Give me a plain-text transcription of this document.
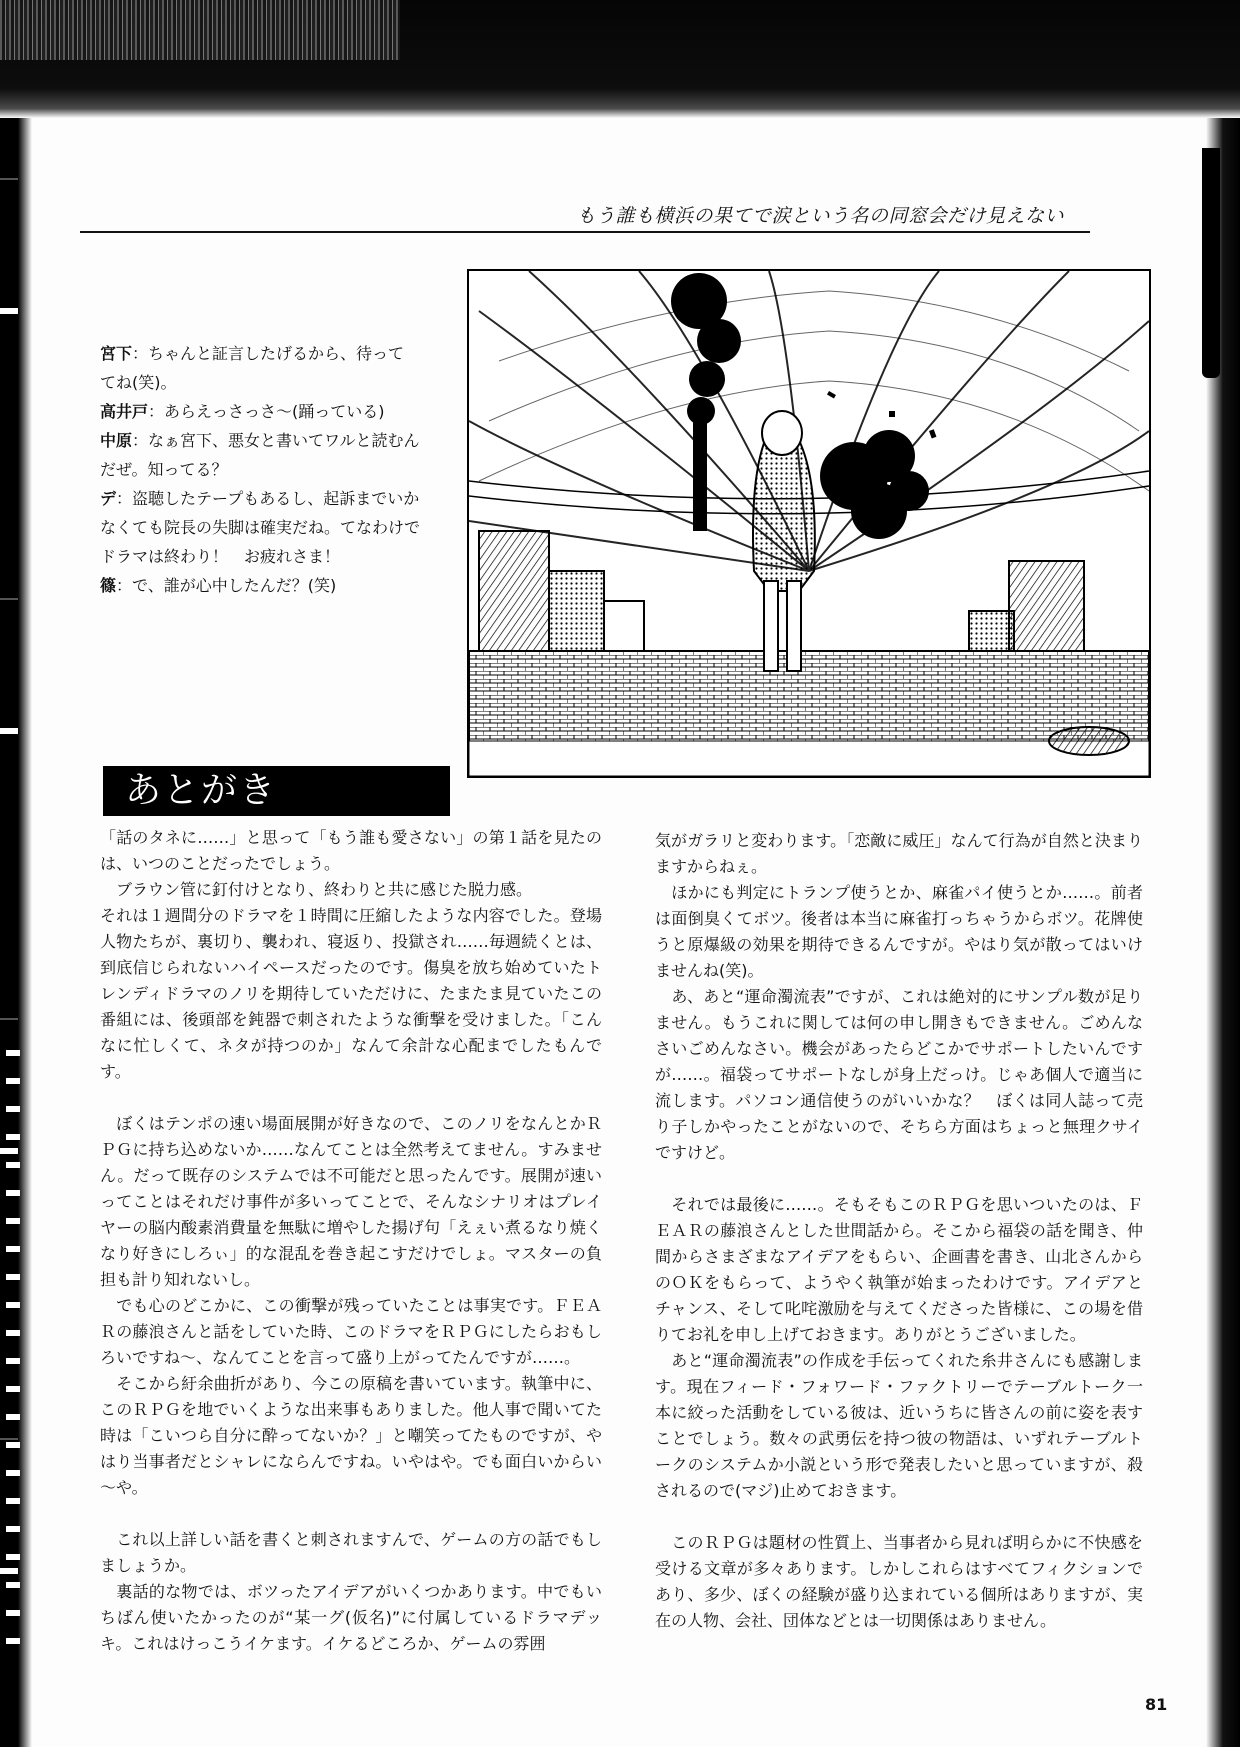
もう誰も横浜の果てで涙という名の同窓会だけ見えない

宮下：ちゃんと証言したげるから、待っててね(笑)。

高井戸：あらえっさっさ～(踊っている)

中原：なぁ宮下、悪女と書いてワルと読むんだぜ。知ってる？

デ：盗聴したテープもあるし、起訴までいかなくても院長の失脚は確実だね。てなわけでドラマは終わり！　お疲れさま！

篠：で、誰が心中したんだ？(笑)

あとがき

「話のタネに……」と思って「もう誰も愛さない」の第１話を見たのは、いつのことだったでしょう。

　ブラウン管に釘付けとなり、終わりと共に感じた脱力感。

それは１週間分のドラマを１時間に圧縮したような内容でした。登場人物たちが、裏切り、襲われ、寝返り、投獄され……毎週続くとは、到底信じられないハイペースだったのです。傷臭を放ち始めていたトレンディドラマのノリを期待していただけに、たまたま見ていたこの番組には、後頭部を鈍器で刺されたような衝撃を受けました。「こんなに忙しくて、ネタが持つのか」なんて余計な心配までしたもんです。

　ぼくはテンポの速い場面展開が好きなので、このノリをなんとかＲＰＧに持ち込めないか……なんてことは全然考えてません。すみません。だって既存のシステムでは不可能だと思ったんです。展開が速いってことはそれだけ事件が多いってことで、そんなシナリオはプレイヤーの脳内酸素消費量を無駄に増やした揚げ句「えぇい煮るなり焼くなり好きにしろぃ」的な混乱を巻き起こすだけでしょ。マスターの負担も計り知れないし。

　でも心のどこかに、この衝撃が残っていたことは事実です。ＦＥＡＲの藤浪さんと話をしていた時、このドラマをＲＰＧにしたらおもしろいですね～、なんてことを言って盛り上がってたんですが……。

　そこから紆余曲折があり、今この原稿を書いています。執筆中に、このＲＰＧを地でいくような出来事もありました。他人事で聞いてた時は「こいつら自分に酔ってないか？」と嘲笑ってたものですが、やはり当事者だとシャレにならんですね。いやはや。でも面白いからい～や。

　これ以上詳しい話を書くと刺されますんで、ゲームの方の話でもしましょうか。

　裏話的な物では、ボツったアイデアがいくつかあります。中でもいちばん使いたかったのが“某一グ(仮名)”に付属しているドラマデッキ。これはけっこうイケます。イケるどころか、ゲームの雰囲

気がガラリと変わります。「恋敵に威圧」なんて行為が自然と決まりますからねぇ。

　ほかにも判定にトランプ使うとか、麻雀パイ使うとか……。前者は面倒臭くてボツ。後者は本当に麻雀打っちゃうからボツ。花牌使うと原爆級の効果を期待できるんですが。やはり気が散ってはいけませんね(笑)。

　あ、あと“運命濁流表”ですが、これは絶対的にサンプル数が足りません。もうこれに関しては何の申し開きもできません。ごめんなさいごめんなさい。機会があったらどこかでサポートしたいんですが……。福袋ってサポートなしが身上だっけ。じゃあ個人で適当に流します。パソコン通信使うのがいいかな？　ぼくは同人誌って売り子しかやったことがないので、そちら方面はちょっと無理クサイですけど。

　それでは最後に……。そもそもこのＲＰＧを思いついたのは、ＦＥＡＲの藤浪さんとした世間話から。そこから福袋の話を聞き、仲間からさまざまなアイデアをもらい、企画書を書き、山北さんからのＯＫをもらって、ようやく執筆が始まったわけです。アイデアとチャンス、そして叱咤激励を与えてくださった皆様に、この場を借りてお礼を申し上げておきます。ありがとうございました。

　あと“運命濁流表”の作成を手伝ってくれた糸井さんにも感謝します。現在フィード・フォワード・ファクトリーでテーブルトーク一本に絞った活動をしている彼は、近いうちに皆さんの前に姿を表すことでしょう。数々の武勇伝を持つ彼の物語は、いずれテーブルトークのシステムか小説という形で発表したいと思っていますが、殺されるので(マジ)止めておきます。

　このＲＰＧは題材の性質上、当事者から見れば明らかに不快感を受ける文章が多々あります。しかしこれらはすべてフィクションであり、多少、ぼくの経験が盛り込まれている個所はありますが、実在の人物、会社、団体などとは一切関係はありません。

81
